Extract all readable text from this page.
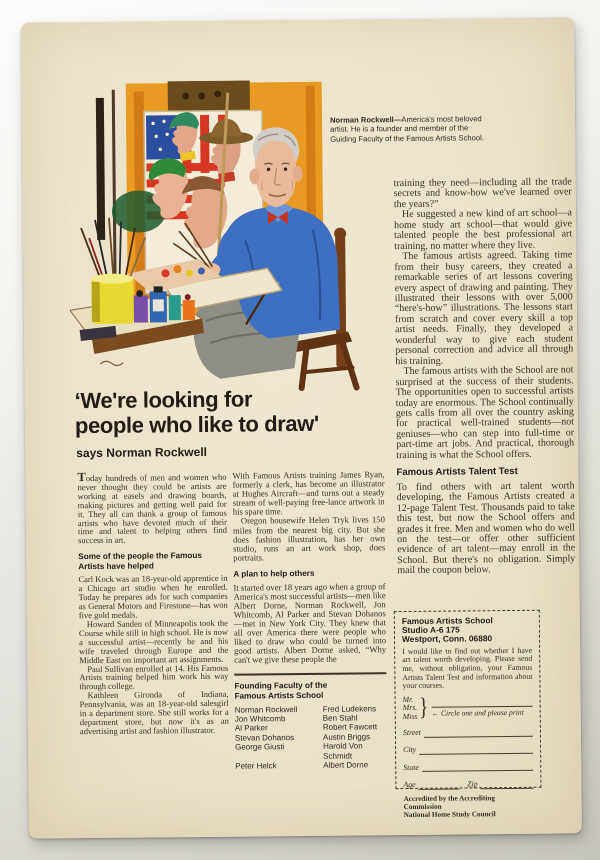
Norman Rockwell—America's most beloved artist. He is a founder and member of the Guiding Faculty of the Famous Artists School.

‘We're looking for
people who like to draw'
says Norman Rockwell

Today hundreds of men and women who never thought they could be artists are working at easels and drawing boards, making pictures and getting well paid for it. They all can thank a group of famous artists who have devoted much of their time and talent to helping others find success in art.

Some of the people the Famous Artists have helped

Carl Kock was an 18-year-old apprentice in a Chicago art studio when he enrolled. Today he prepares ads for such companies as General Motors and Firestone—has won five gold medals.

Howard Sanden of Minneapolis took the Course while still in high school. He is now a successful artist—recently he and his wife traveled through Europe and the Middle East on important art assignments.

Paul Sullivan enrolled at 14. His Famous Artists training helped him work his way through college.

Kathleen Gironda of Indiana, Pennsylvania, was an 18-year-old salesgirl in a department store. She still works for a department store, but now it's as an advertising artist and fashion illustrator.

With Famous Artists training James Ryan, formerly a clerk, has become an illustrator at Hughes Aircraft—and turns out a steady stream of well-paying free-lance artwork in his spare time.

Oregon housewife Helen Tryk lives 150 miles from the nearest big city. But she does fashion illustration, has her own studio, runs an art work shop, does portraits.

A plan to help others

It started over 18 years ago when a group of America's most successful artists—men like Albert Dorne, Norman Rockwell, Jon Whitcomb, Al Parker and Stevan Dohanos—met in New York City. They knew that all over America there were people who liked to draw who could be turned into good artists. Albert Dorne asked, “Why can't we give these people the

Founding Faculty of the Famous Artists School
Norman Rockwell	Fred Ludekens
Jon Whitcomb	Ben Stahl
Al Parker	Robert Fawcett
Stevan Dohanos	Austin Briggs
George Giusti	Harold Von Schmidt
Peter Helck	Albert Dorne

training they need—including all the trade secrets and know-how we've learned over the years?”

He suggested a new kind of art school—a home study art school—that would give talented people the best professional art training, no matter where they live.

The famous artists agreed. Taking time from their busy careers, they created a remarkable series of art lessons covering every aspect of drawing and painting. They illustrated their lessons with over 5,000 “here's-how” illustrations. The lessons start from scratch and cover every skill a top artist needs. Finally, they developed a wonderful way to give each student personal correction and advice all through his training.

The famous artists with the School are not surprised at the success of their students. The opportunities open to successful artists today are enormous. The School continually gets calls from all over the country asking for practical well-trained students—not geniuses—who can step into full-time or part-time art jobs. And practical, thorough training is what the School offers.

Famous Artists Talent Test

To find others with art talent worth developing, the Famous Artists created a 12-page Talent Test. Thousands paid to take this test, but now the School offers and grades it free. Men and women who do well on the test—or offer other sufficient evidence of art talent—may enroll in the School. But there's no obligation. Simply mail the coupon below.

Famous Artists School
Studio A-6 175
Westport, Conn. 06880

I would like to find out whether I have art talent worth developing. Please send me, without obligation, your Famous Artists Talent Test and information about your courses.

Mr.
Mrs.
Miss } ← Circle one and please print
Street
City
State
Age	Zip
Accredited by the Accrediting Commission
National Home Study Council
